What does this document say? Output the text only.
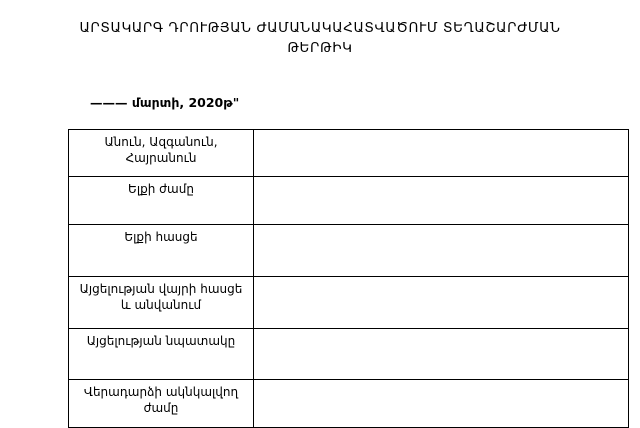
ԱՐՏԱԿԱՐԳ ԴՐՈՒԹՅԱՆ ԺԱՄԱՆԱԿԱՀԱՏՎԱԾՈՒՄ ՏԵՂԱՇԱՐԺՄԱՆ
ԹԵՐԹԻԿ
——— մարտի, 2020թ"
Անուն, Ազգանուն, Հայրանուն	
Ելքի ժամը	
Ելքի հասցե	
Այցելության վայրի հասցե և անվանում	
Այցելության նպատակը	
Վերադարձի ակնկալվող ժամը	
